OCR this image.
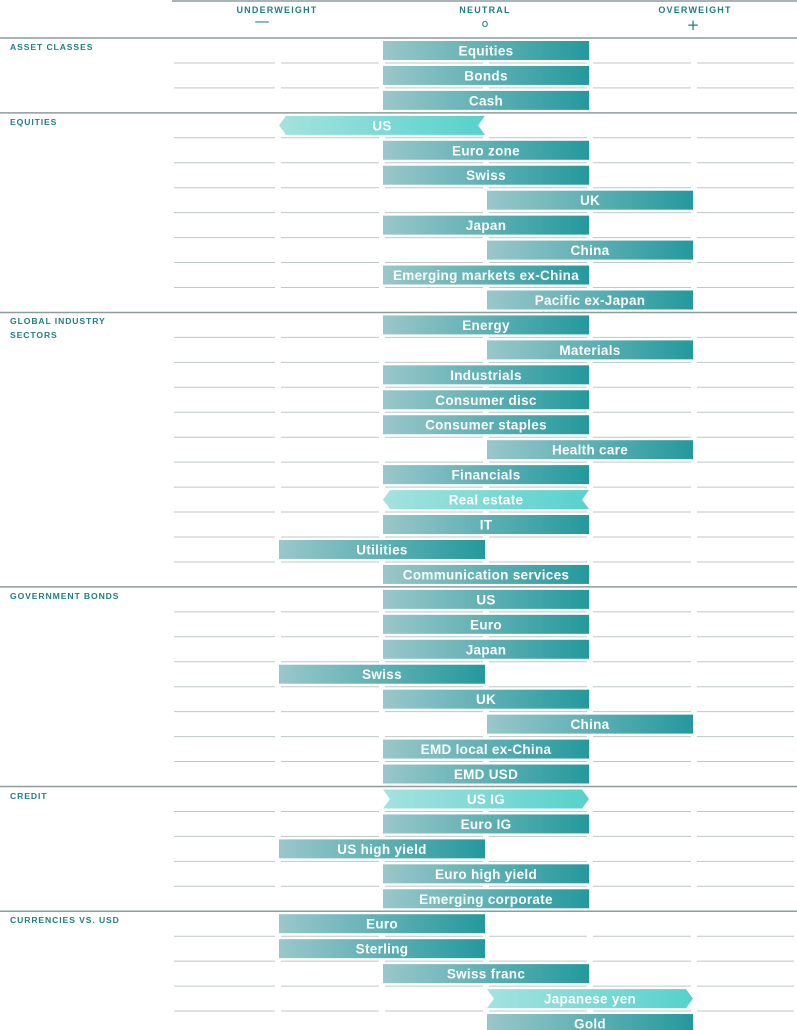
UNDERWEIGHT
—
NEUTRAL
o
OVERWEIGHT
+
ASSET CLASSES
EQUITIES
GLOBAL INDUSTRY SECTORS
GOVERNMENT BONDS
CREDIT
CURRENCIES VS. USD
Equities
Bonds
Cash
US
Euro zone
Swiss
UK
Japan
China
Emerging markets ex-China
Pacific ex-Japan
Energy
Materials
Industrials
Consumer disc
Consumer staples
Health care
Financials
Real estate
IT
Utilities
Communication services
US
Euro
Japan
Swiss
UK
China
EMD local ex-China
EMD USD
US IG
Euro IG
US high yield
Euro high yield
Emerging corporate
Euro
Sterling
Swiss franc
Japanese yen
Gold
